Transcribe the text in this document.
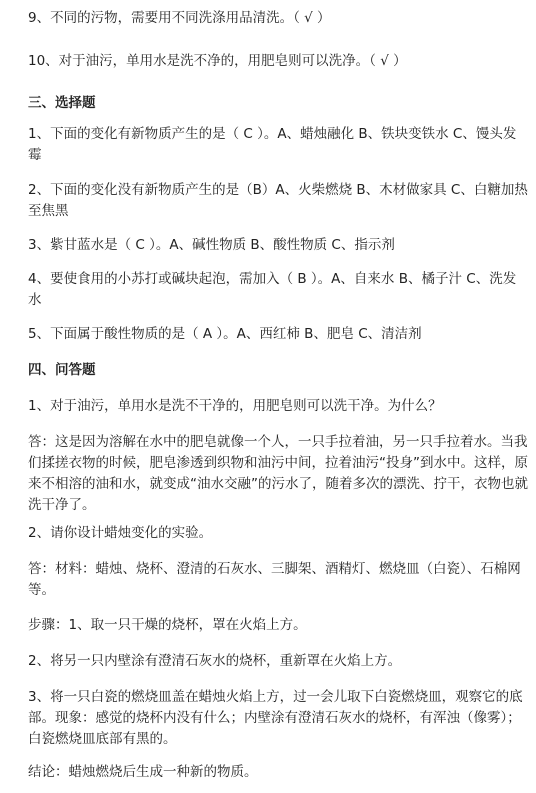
9、不同的污物，需要用不同洗涤用品清洗。（ √ ）
10、对于油污，单用水是洗不净的，用肥皂则可以洗净。（ √ ）
三、选择题
1、下面的变化有新物质产生的是（ C ）。A、蜡烛融化 B、铁块变铁水 C、馒头发霉
2、下面的变化没有新物质产生的是（B）A、火柴燃烧 B、木材做家具 C、白糖加热至焦黑
3、紫甘蓝水是（ C ）。A、碱性物质 B、酸性物质 C、指示剂
4、要使食用的小苏打或碱块起泡，需加入（ B ）。A、自来水 B、橘子汁 C、洗发水
5、下面属于酸性物质的是（ A ）。A、西红柿 B、肥皂 C、清洁剂
四、问答题
1、对于油污，单用水是洗不干净的，用肥皂则可以洗干净。为什么？
答：这是因为溶解在水中的肥皂就像一个人，一只手拉着油，另一只手拉着水。当我们揉搓衣物的时候，肥皂渗透到织物和油污中间，拉着油污“投身”到水中。这样，原来不相溶的油和水，就变成“油水交融”的污水了，随着多次的漂洗、拧干，衣物也就洗干净了。
2、请你设计蜡烛变化的实验。
答：材料：蜡烛、烧杯、澄清的石灰水、三脚架、酒精灯、燃烧皿（白瓷）、石棉网等。
步骤：1、取一只干燥的烧杯，罩在火焰上方。
2、将另一只内壁涂有澄清石灰水的烧杯，重新罩在火焰上方。
3、将一只白瓷的燃烧皿盖在蜡烛火焰上方，过一会儿取下白瓷燃烧皿，观察它的底部。现象：感觉的烧杯内没有什么；内壁涂有澄清石灰水的烧杯，有浑浊（像雾）；白瓷燃烧皿底部有黑的。
结论：蜡烛燃烧后生成一种新的物质。
